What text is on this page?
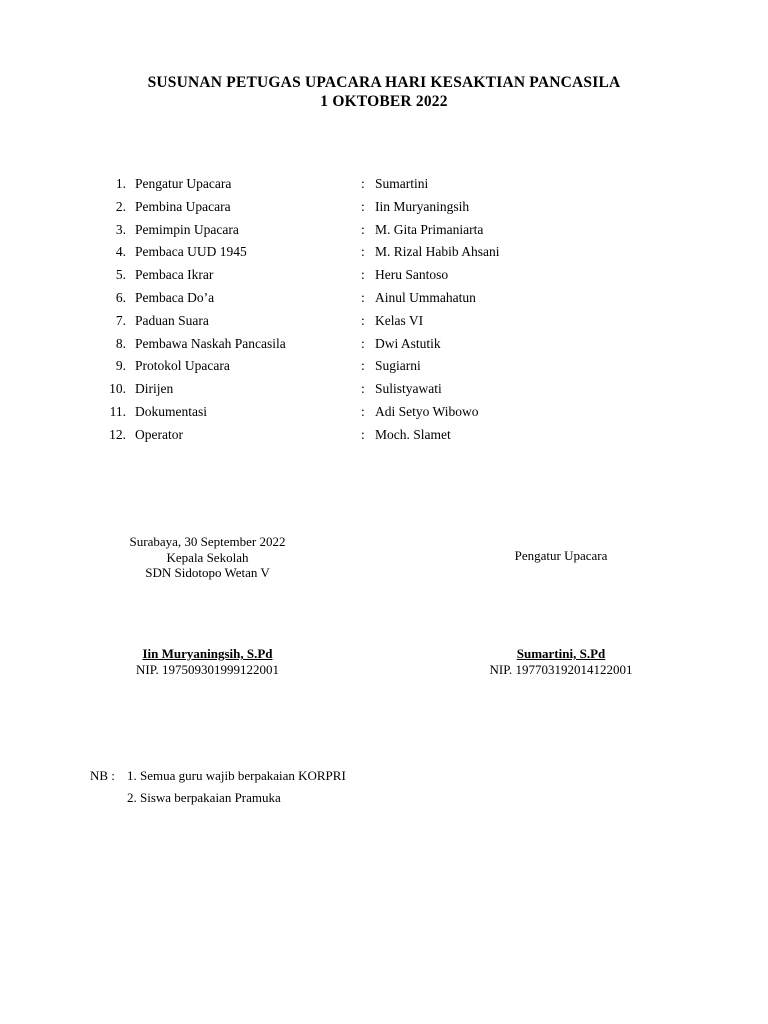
SUSUNAN PETUGAS UPACARA HARI KESAKTIAN PANCASILA
1 OKTOBER 2022
1. Pengatur Upacara	: Sumartini
2. Pembina Upacara	: Iin Muryaningsih
3. Pemimpin Upacara	: M. Gita Primaniarta
4. Pembaca UUD 1945	: M. Rizal Habib Ahsani
5. Pembaca Ikrar	: Heru Santoso
6. Pembaca Do’a	: Ainul Ummahatun
7. Paduan Suara	: Kelas VI
8. Pembawa Naskah Pancasila	: Dwi Astutik
9. Protokol Upacara	: Sugiarni
10. Dirijen	: Sulistyawati
11. Dokumentasi	: Adi Setyo Wibowo
12. Operator	: Moch. Slamet
Surabaya, 30 September 2022
Kepala Sekolah
SDN Sidotopo Wetan V
Pengatur Upacara
Iin Muryaningsih, S.Pd
NIP. 197509301999122001
Sumartini, S.Pd
NIP. 197703192014122001
NB : 1. Semua guru wajib berpakaian KORPRI
2. Siswa berpakaian Pramuka
